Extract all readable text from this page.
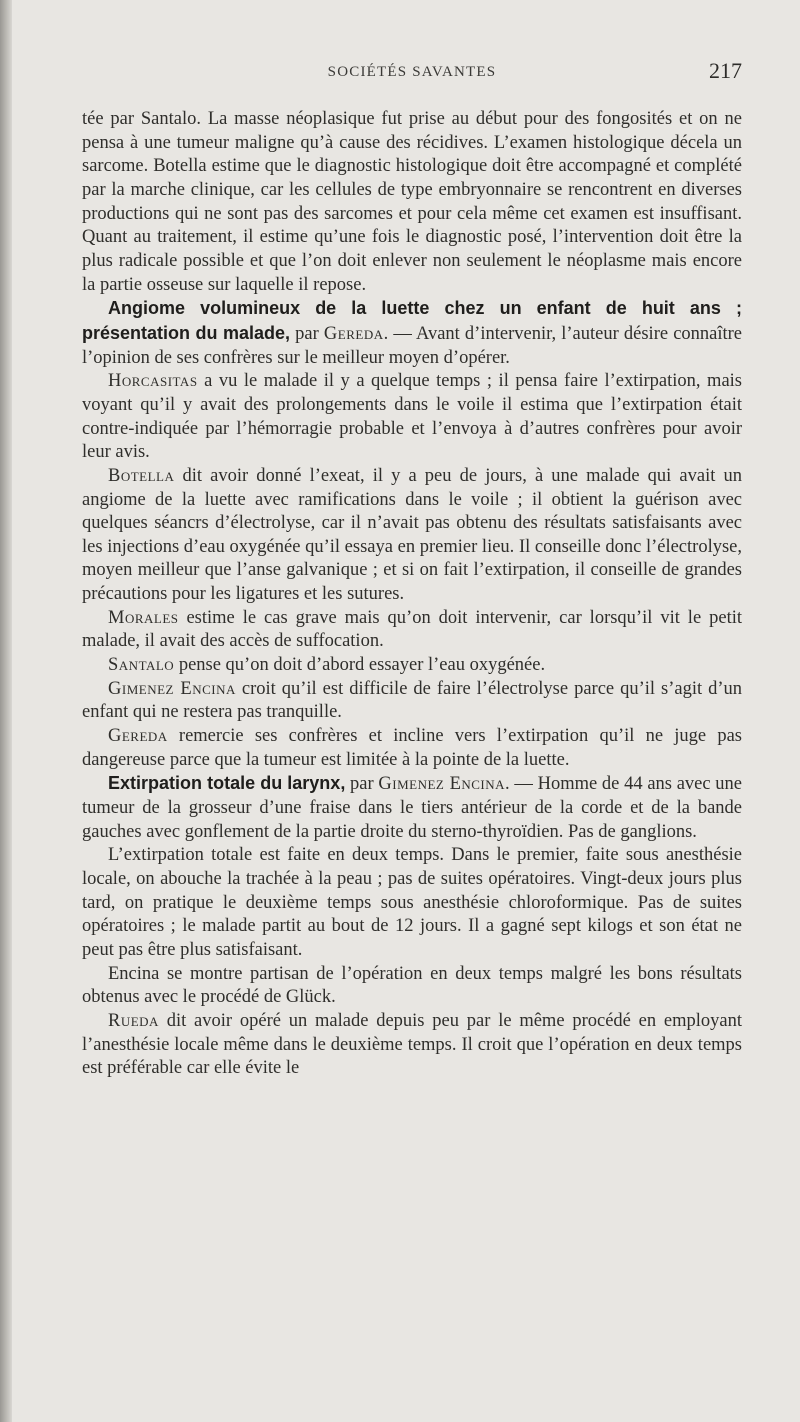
SOCIÉTÉS SAVANTES	217

tée par Santalo. La masse néoplasique fut prise au début pour des fongosités et on ne pensa à une tumeur maligne qu’à cause des récidives. L’examen histologique décela un sarcome. Botella estime que le diagnostic histologique doit être accompagné et complété par la marche clinique, car les cellules de type embryonnaire se rencontrent en diverses productions qui ne sont pas des sarcomes et pour cela même cet examen est insuffisant. Quant au traitement, il estime qu’une fois le diagnostic posé, l’intervention doit être la plus radicale possible et que l’on doit enlever non seulement le néoplasme mais encore la partie osseuse sur laquelle il repose.

Angiome volumineux de la luette chez un enfant de huit ans ; présentation du malade, par Gereda. — Avant d’intervenir, l’auteur désire connaître l’opinion de ses confrères sur le meilleur moyen d’opérer.

Horcasitas a vu le malade il y a quelque temps ; il pensa faire l’extirpation, mais voyant qu’il y avait des prolongements dans le voile il estima que l’extirpation était contre-indiquée par l’hémorragie probable et l’envoya à d’autres confrères pour avoir leur avis.

Botella dit avoir donné l’exeat, il y a peu de jours, à une malade qui avait un angiome de la luette avec ramifications dans le voile ; il obtient la guérison avec quelques séancrs d’électrolyse, car il n’avait pas obtenu des résultats satisfaisants avec les injections d’eau oxygénée qu’il essaya en premier lieu. Il conseille donc l’électrolyse, moyen meilleur que l’anse galvanique ; et si on fait l’extirpation, il conseille de grandes précautions pour les ligatures et les sutures.

Morales estime le cas grave mais qu’on doit intervenir, car lorsqu’il vit le petit malade, il avait des accès de suffocation.

Santalo pense qu’on doit d’abord essayer l’eau oxygénée.

Gimenez Encina croit qu’il est difficile de faire l’électrolyse parce qu’il s’agit d’un enfant qui ne restera pas tranquille.

Gereda remercie ses confrères et incline vers l’extirpation qu’il ne juge pas dangereuse parce que la tumeur est limitée à la pointe de la luette.

Extirpation totale du larynx, par Gimenez Encina. — Homme de 44 ans avec une tumeur de la grosseur d’une fraise dans le tiers antérieur de la corde et de la bande gauches avec gonflement de la partie droite du sterno-thyroïdien. Pas de ganglions.

L’extirpation totale est faite en deux temps. Dans le premier, faite sous anesthésie locale, on abouche la trachée à la peau ; pas de suites opératoires. Vingt-deux jours plus tard, on pratique le deuxième temps sous anesthésie chloroformique. Pas de suites opératoires ; le malade partit au bout de 12 jours. Il a gagné sept kilogs et son état ne peut pas être plus satisfaisant.

Encina se montre partisan de l’opération en deux temps malgré les bons résultats obtenus avec le procédé de Glück.

Rueda dit avoir opéré un malade depuis peu par le même procédé en employant l’anesthésie locale même dans le deuxième temps. Il croit que l’opération en deux temps est préférable car elle évite le
